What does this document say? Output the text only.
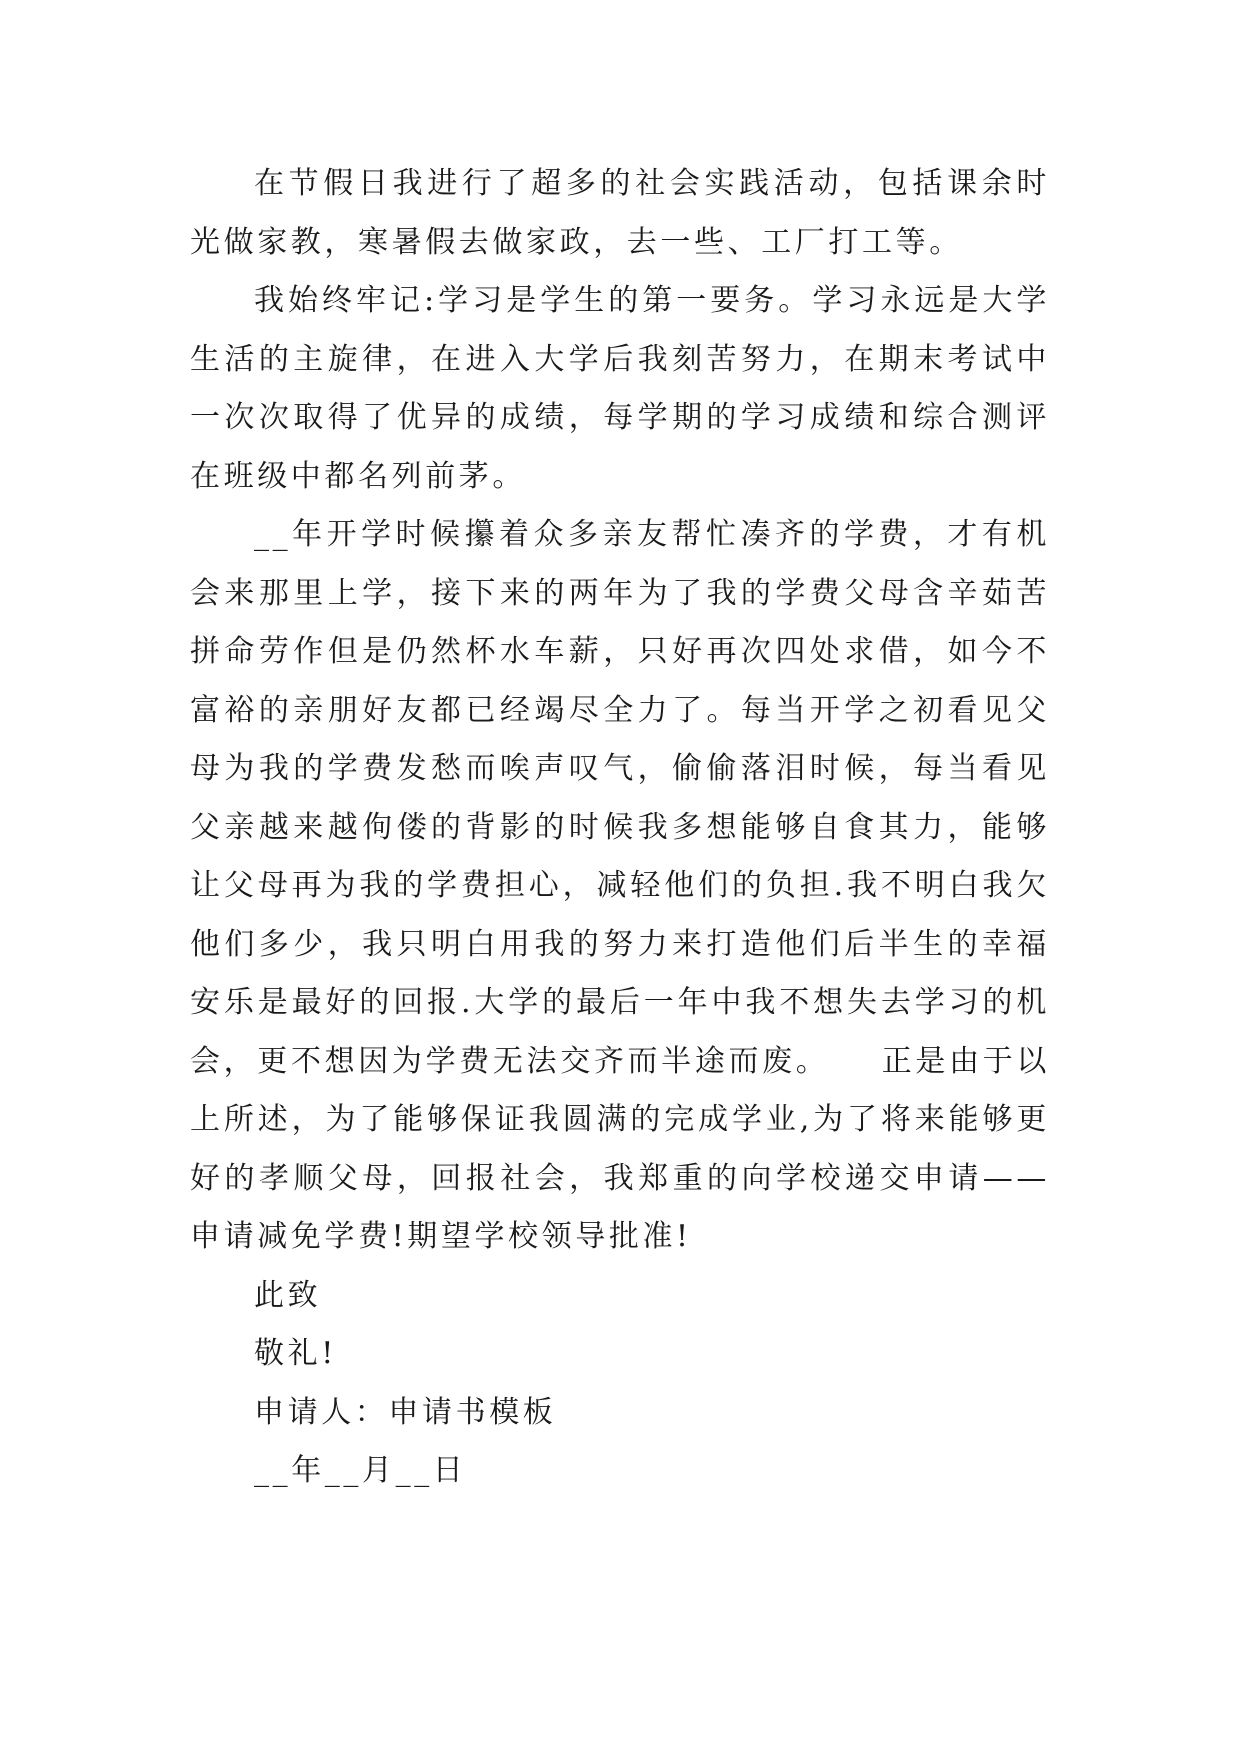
在节假日我进行了超多的社会实践活动，包括课余时光做家教，寒暑假去做家政，去一些、工厂打工等。

我始终牢记:学习是学生的第一要务。学习永远是大学生活的主旋律，在进入大学后我刻苦努力，在期末考试中一次次取得了优异的成绩，每学期的学习成绩和综合测评在班级中都名列前茅。

__年开学时候攥着众多亲友帮忙凑齐的学费，才有机会来那里上学，接下来的两年为了我的学费父母含辛茹苦拼命劳作但是仍然杯水车薪，只好再次四处求借，如今不富裕的亲朋好友都已经竭尽全力了。每当开学之初看见父母为我的学费发愁而唉声叹气，偷偷落泪时候，每当看见父亲越来越佝偻的背影的时候我多想能够自食其力，能够让父母再为我的学费担心，减轻他们的负担.我不明白我欠他们多少，我只明白用我的努力来打造他们后半生的幸福安乐是最好的回报.大学的最后一年中我不想失去学习的机会，更不想因为学费无法交齐而半途而废。　　正是由于以上所述，为了能够保证我圆满的完成学业,为了将来能够更好的孝顺父母，回报社会，我郑重的向学校递交申请——申请减免学费!期望学校领导批准!

此致

敬礼!

申请人：申请书模板

__年__月__日
